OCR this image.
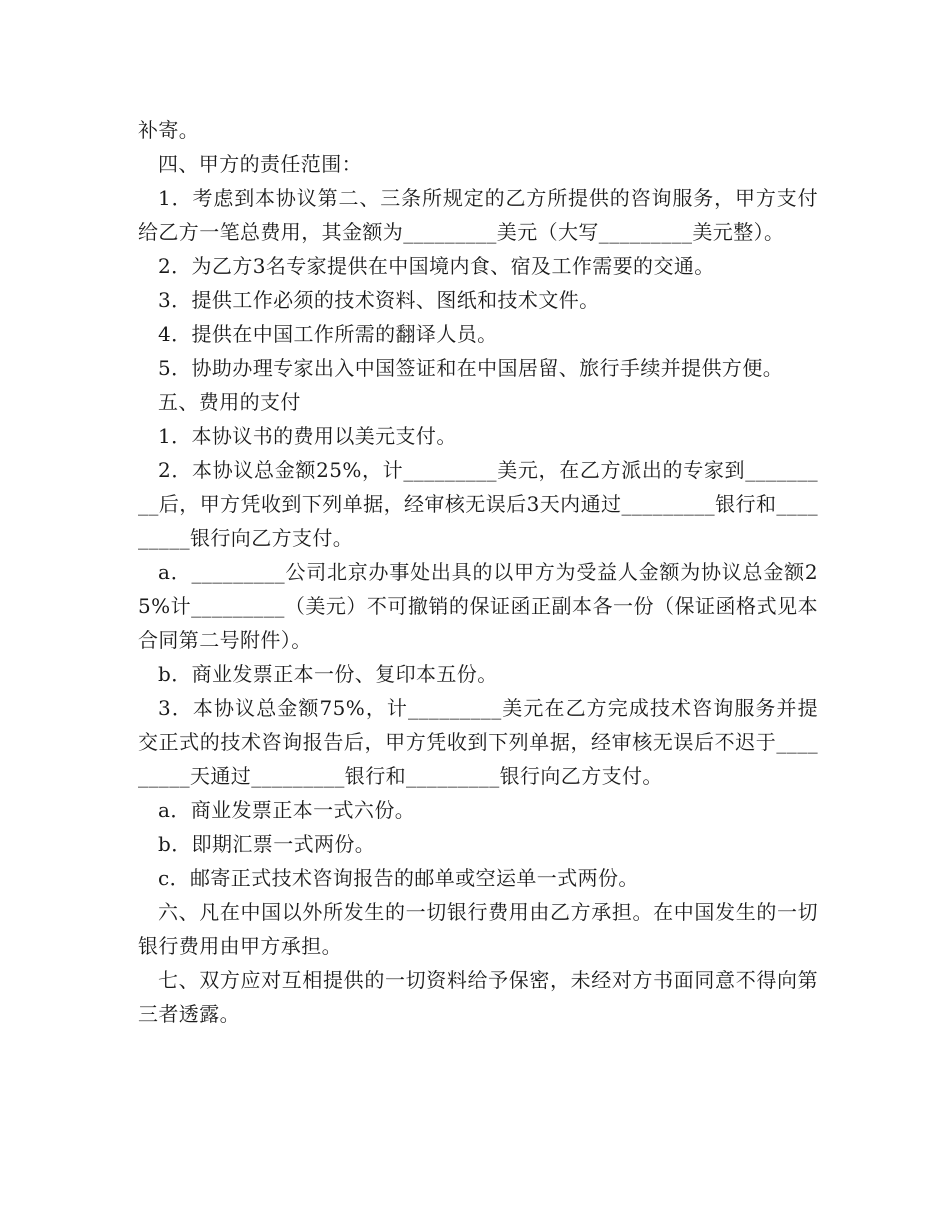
补寄。

四、甲方的责任范围：

1．考虑到本协议第二、三条所规定的乙方所提供的咨询服务，甲方支付给乙方一笔总费用，其金额为_________美元（大写_________美元整）。

2．为乙方3名专家提供在中国境内食、宿及工作需要的交通。

3．提供工作必须的技术资料、图纸和技术文件。

4．提供在中国工作所需的翻译人员。

5．协助办理专家出入中国签证和在中国居留、旅行手续并提供方便。

五、费用的支付

1．本协议书的费用以美元支付。

2．本协议总金额25%，计_________美元，在乙方派出的专家到_________后，甲方凭收到下列单据，经审核无误后3天内通过_________银行和_________银行向乙方支付。

a．_________公司北京办事处出具的以甲方为受益人金额为协议总金额25%计_________（美元）不可撤销的保证函正副本各一份（保证函格式见本合同第二号附件）。

b．商业发票正本一份、复印本五份。

3．本协议总金额75%，计_________美元在乙方完成技术咨询服务并提交正式的技术咨询报告后，甲方凭收到下列单据，经审核无误后不迟于_________天通过_________银行和_________银行向乙方支付。

a．商业发票正本一式六份。

b．即期汇票一式两份。

c．邮寄正式技术咨询报告的邮单或空运单一式两份。

六、凡在中国以外所发生的一切银行费用由乙方承担。在中国发生的一切银行费用由甲方承担。

七、双方应对互相提供的一切资料给予保密，未经对方书面同意不得向第三者透露。
